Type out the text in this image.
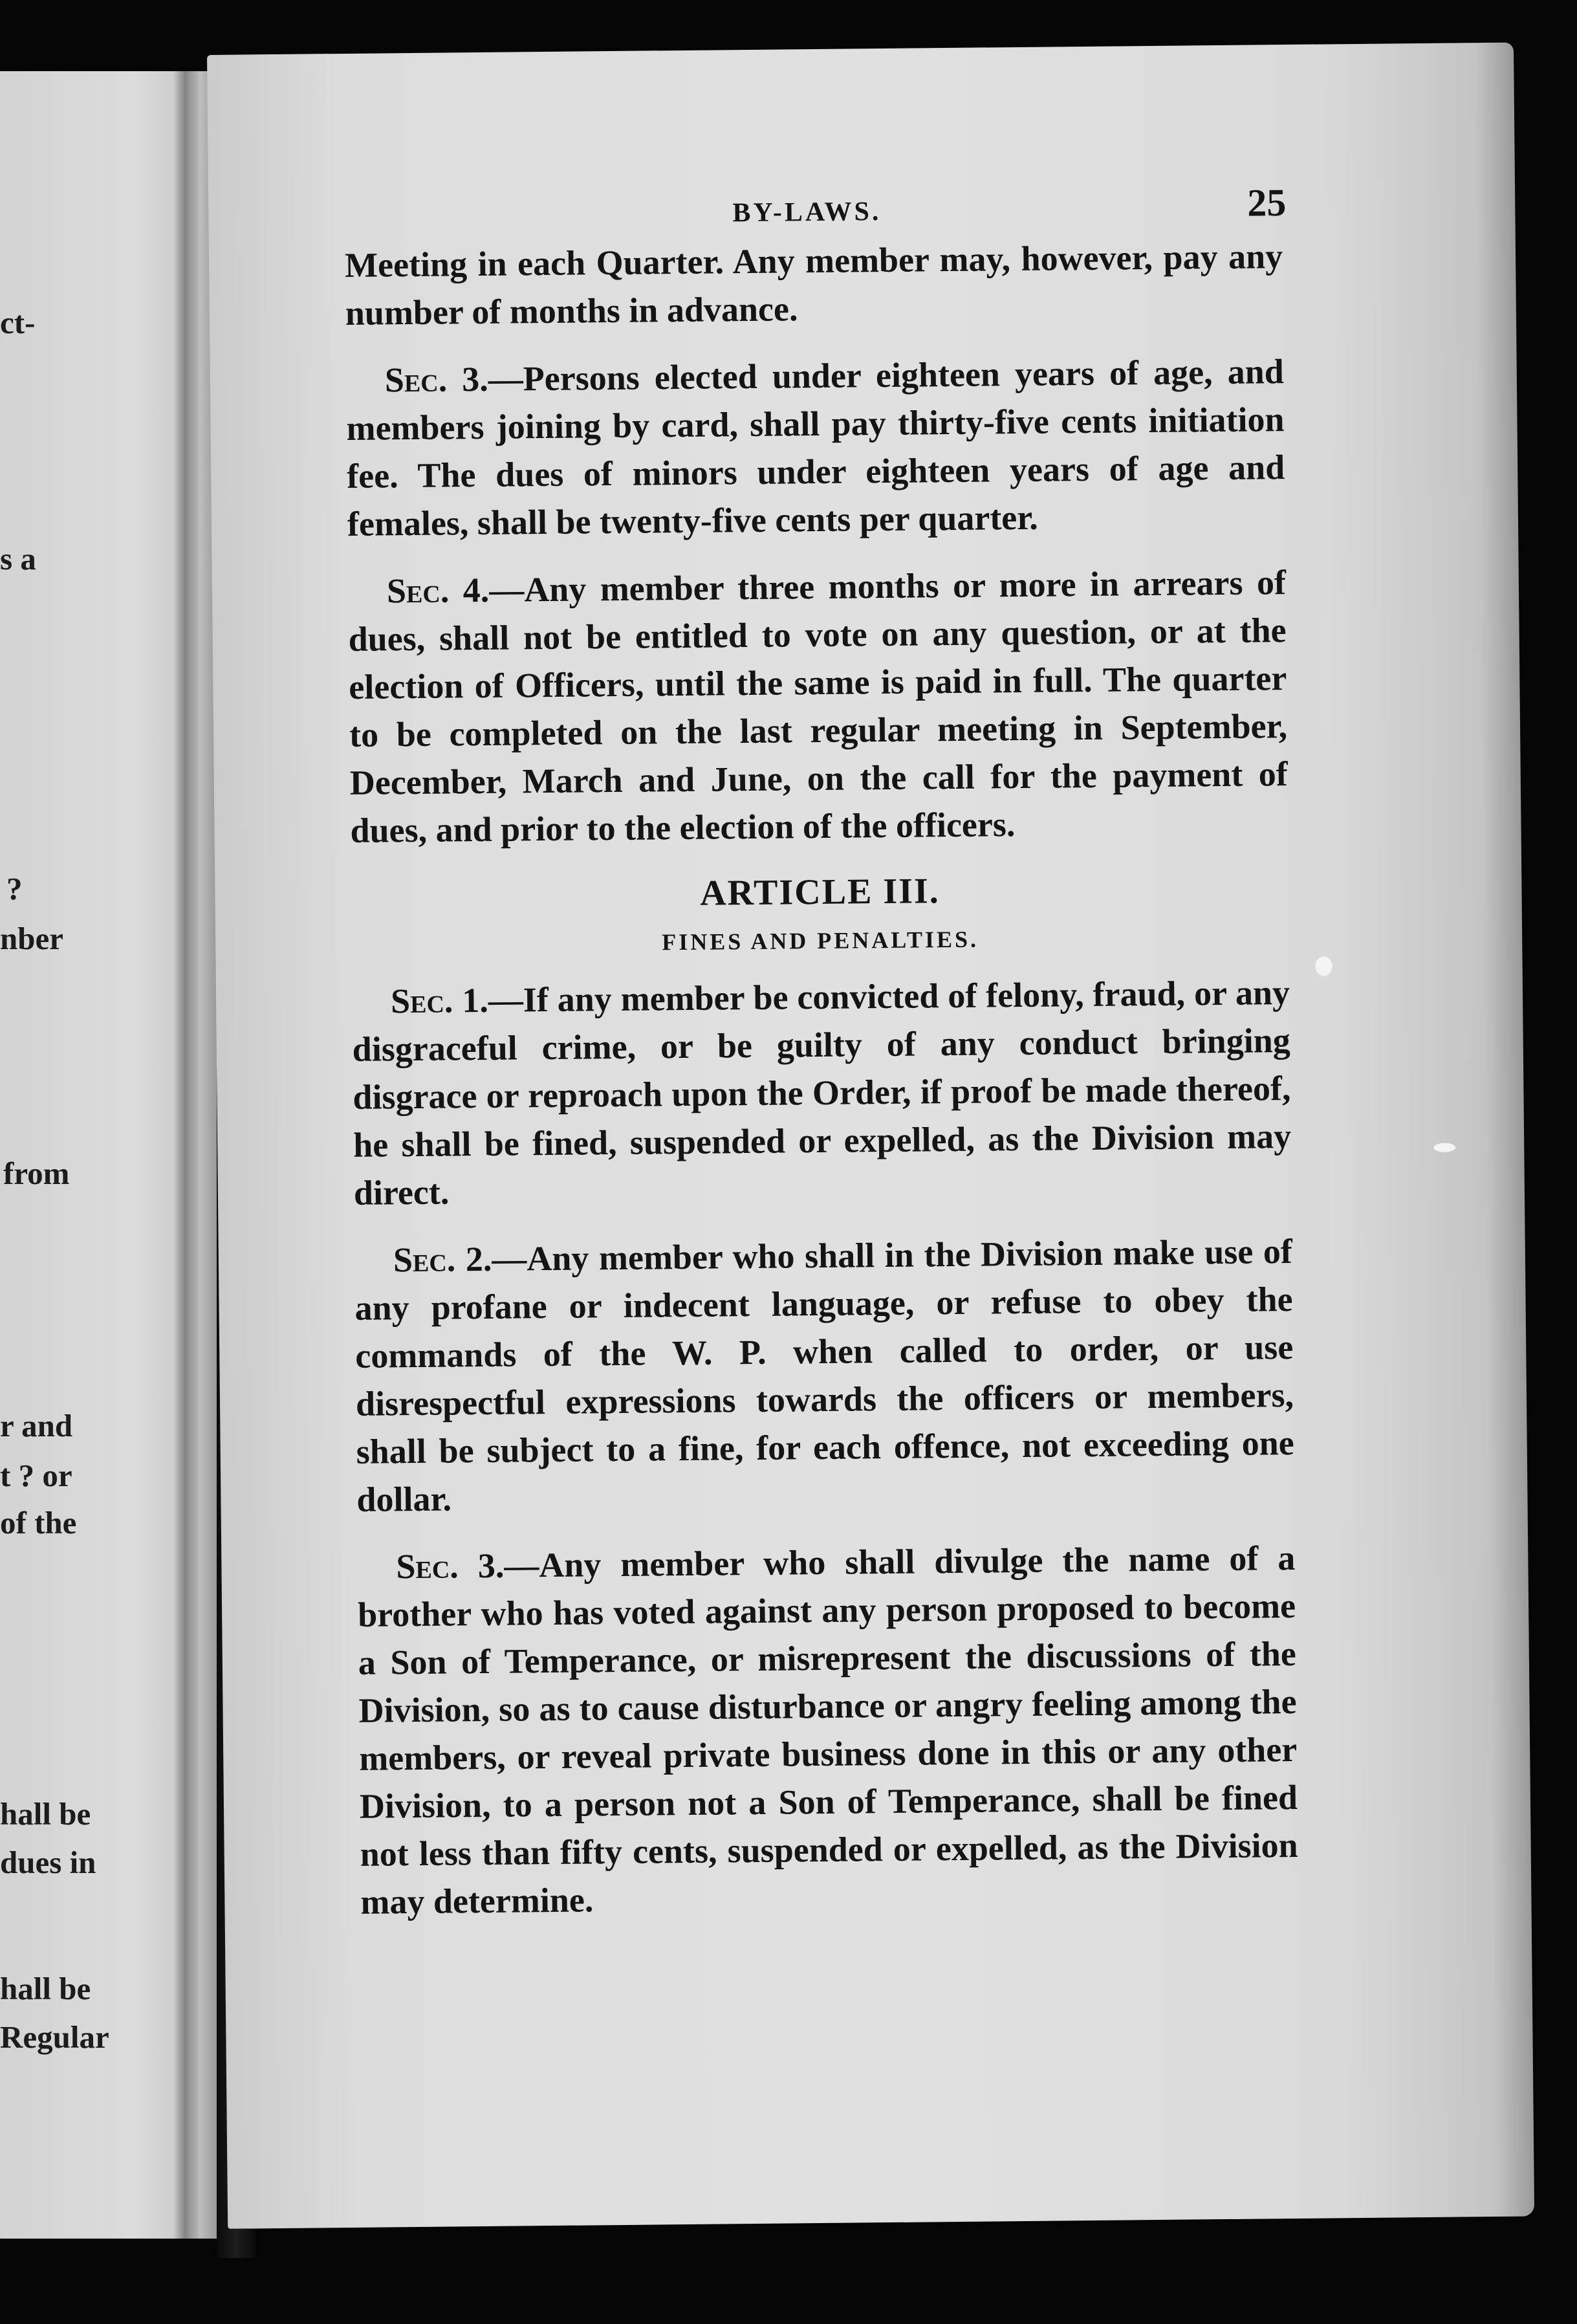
ct-
s a
?
nber
from
r and
t ? or
of the
hall be
dues in
hall be
Regular
BY-LAWS.	25

Meeting in each Quarter. Any member may, however, pay any number of months in advance.

Sec. 3.—Persons elected under eighteen years of age, and members joining by card, shall pay thirty-five cents initiation fee. The dues of minors under eighteen years of age and females, shall be twenty-five cents per quarter.

Sec. 4.—Any member three months or more in arrears of dues, shall not be entitled to vote on any question, or at the election of Officers, until the same is paid in full. The quarter to be completed on the last regular meeting in September, December, March and June, on the call for the payment of dues, and prior to the election of the officers.

ARTICLE III.
FINES AND PENALTIES.

Sec. 1.—If any member be convicted of felony, fraud, or any disgraceful crime, or be guilty of any conduct bringing disgrace or reproach upon the Order, if proof be made thereof, he shall be fined, suspended or expelled, as the Division may direct.

Sec. 2.—Any member who shall in the Division make use of any profane or indecent language, or refuse to obey the commands of the W. P. when called to order, or use disrespectful expressions towards the officers or members, shall be subject to a fine, for each offence, not exceeding one dollar.

Sec. 3.—Any member who shall divulge the name of a brother who has voted against any person proposed to become a Son of Temperance, or misrepresent the discussions of the Division, so as to cause disturbance or angry feeling among the members, or reveal private business done in this or any other Division, to a person not a Son of Temperance, shall be fined not less than fifty cents, suspended or expelled, as the Division may determine.
